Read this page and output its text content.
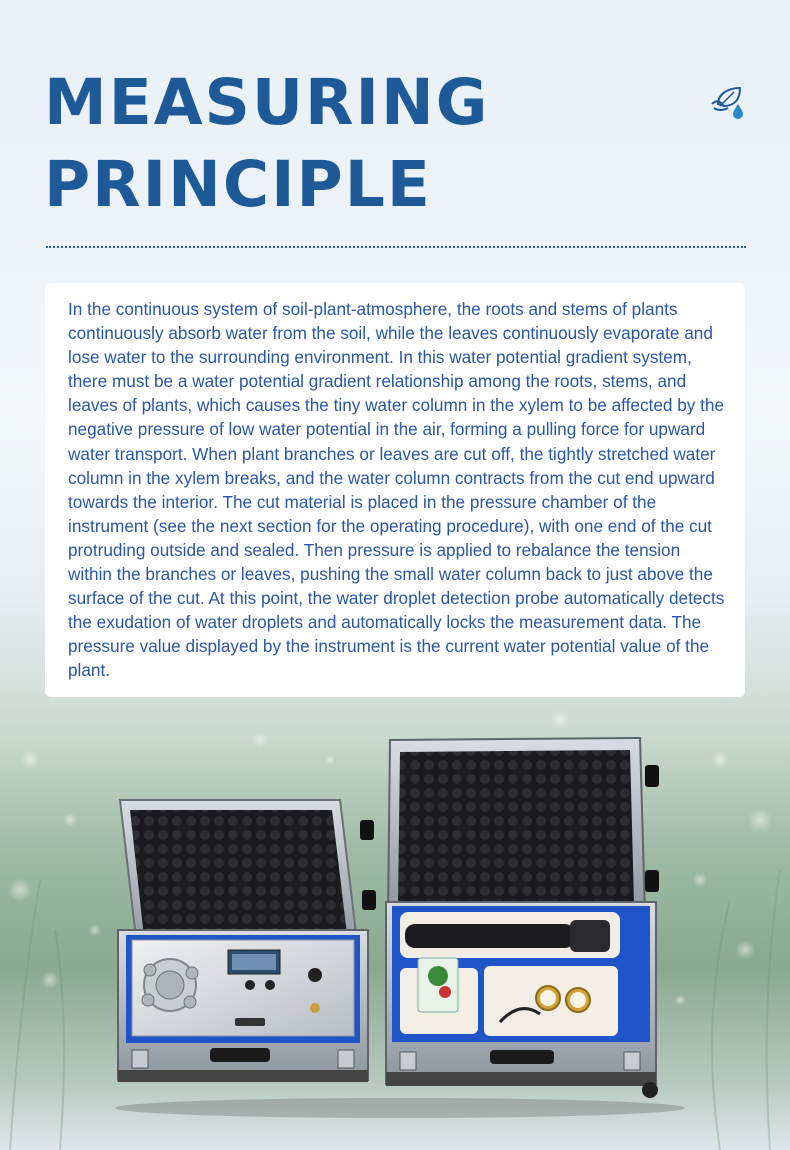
MEASURING
PRINCIPLE

In the continuous system of soil-plant-atmosphere, the roots and stems of plants continuously absorb water from the soil, while the leaves continuously evaporate and lose water to the surrounding environment. In this water potential gradient system, there must be a water potential gradient relationship among the roots, stems, and leaves of plants, which causes the tiny water column in the xylem to be affected by the negative pressure of low water potential in the air, forming a pulling force for upward water transport. When plant branches or leaves are cut off, the tightly stretched water column in the xylem breaks, and the water column contracts from the cut end upward towards the interior. The cut material is placed in the pressure chamber of the instrument (see the next section for the operating procedure), with one end of the cut protruding outside and sealed. Then pressure is applied to rebalance the tension within the branches or leaves, pushing the small water column back to just above the surface of the cut. At this point, the water droplet detection probe automatically detects the exudation of water droplets and automatically locks the measurement data. The pressure value displayed by the instrument is the current water potential value of the plant.
